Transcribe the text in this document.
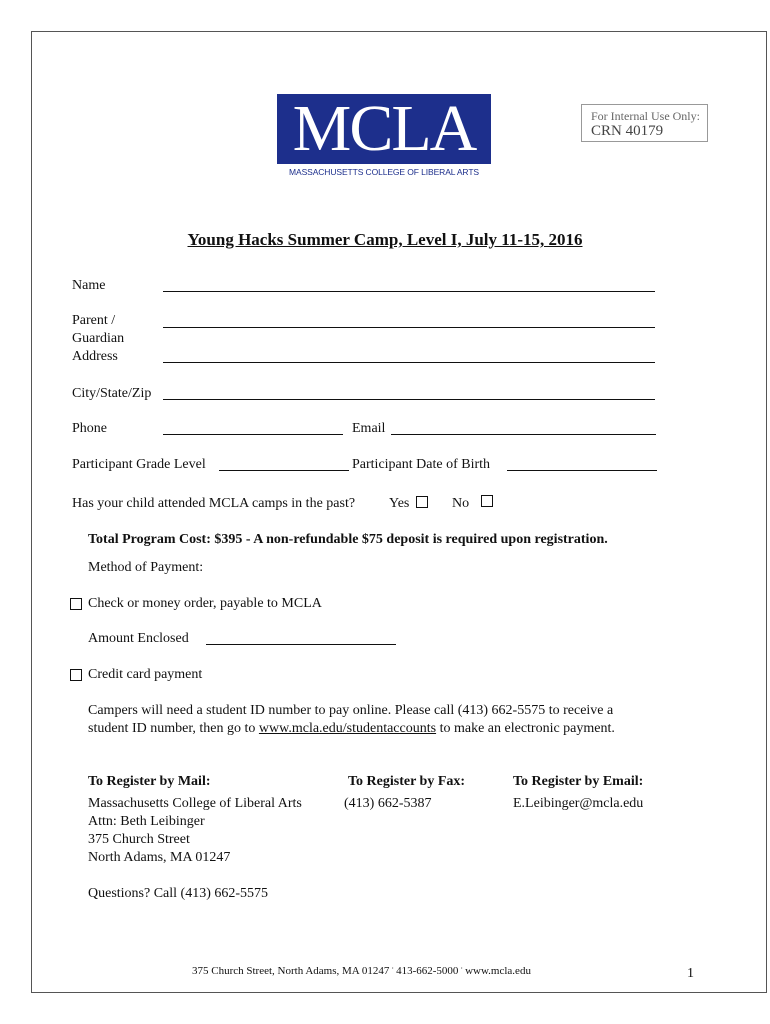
MCLA
MASSACHUSETTS COLLEGE OF LIBERAL ARTS
For Internal Use Only:
CRN 40179
Young Hacks Summer Camp, Level I, July 11-15, 2016
Name
Parent /
Guardian
Address
City/State/Zip
Phone	Email
Participant Grade Level	Participant Date of Birth
Has your child attended MCLA camps in the past? Yes	No
Total Program Cost: $395 - A non-refundable $75 deposit is required upon registration.
Method of Payment:
Check or money order, payable to MCLA
Amount Enclosed
Credit card payment
Campers will need a student ID number to pay online. Please call (413) 662-5575 to receive a
student ID number, then go to www.mcla.edu/studentaccounts to make an electronic payment.
To Register by Mail:
Massachusetts College of Liberal Arts
Attn: Beth Leibinger
375 Church Street
North Adams, MA 01247
To Register by Fax:
(413) 662-5387
To Register by Email:
E.Leibinger@mcla.edu
Questions? Call (413) 662-5575
375 Church Street, North Adams, MA 01247 · 413-662-5000 · www.mcla.edu	1
